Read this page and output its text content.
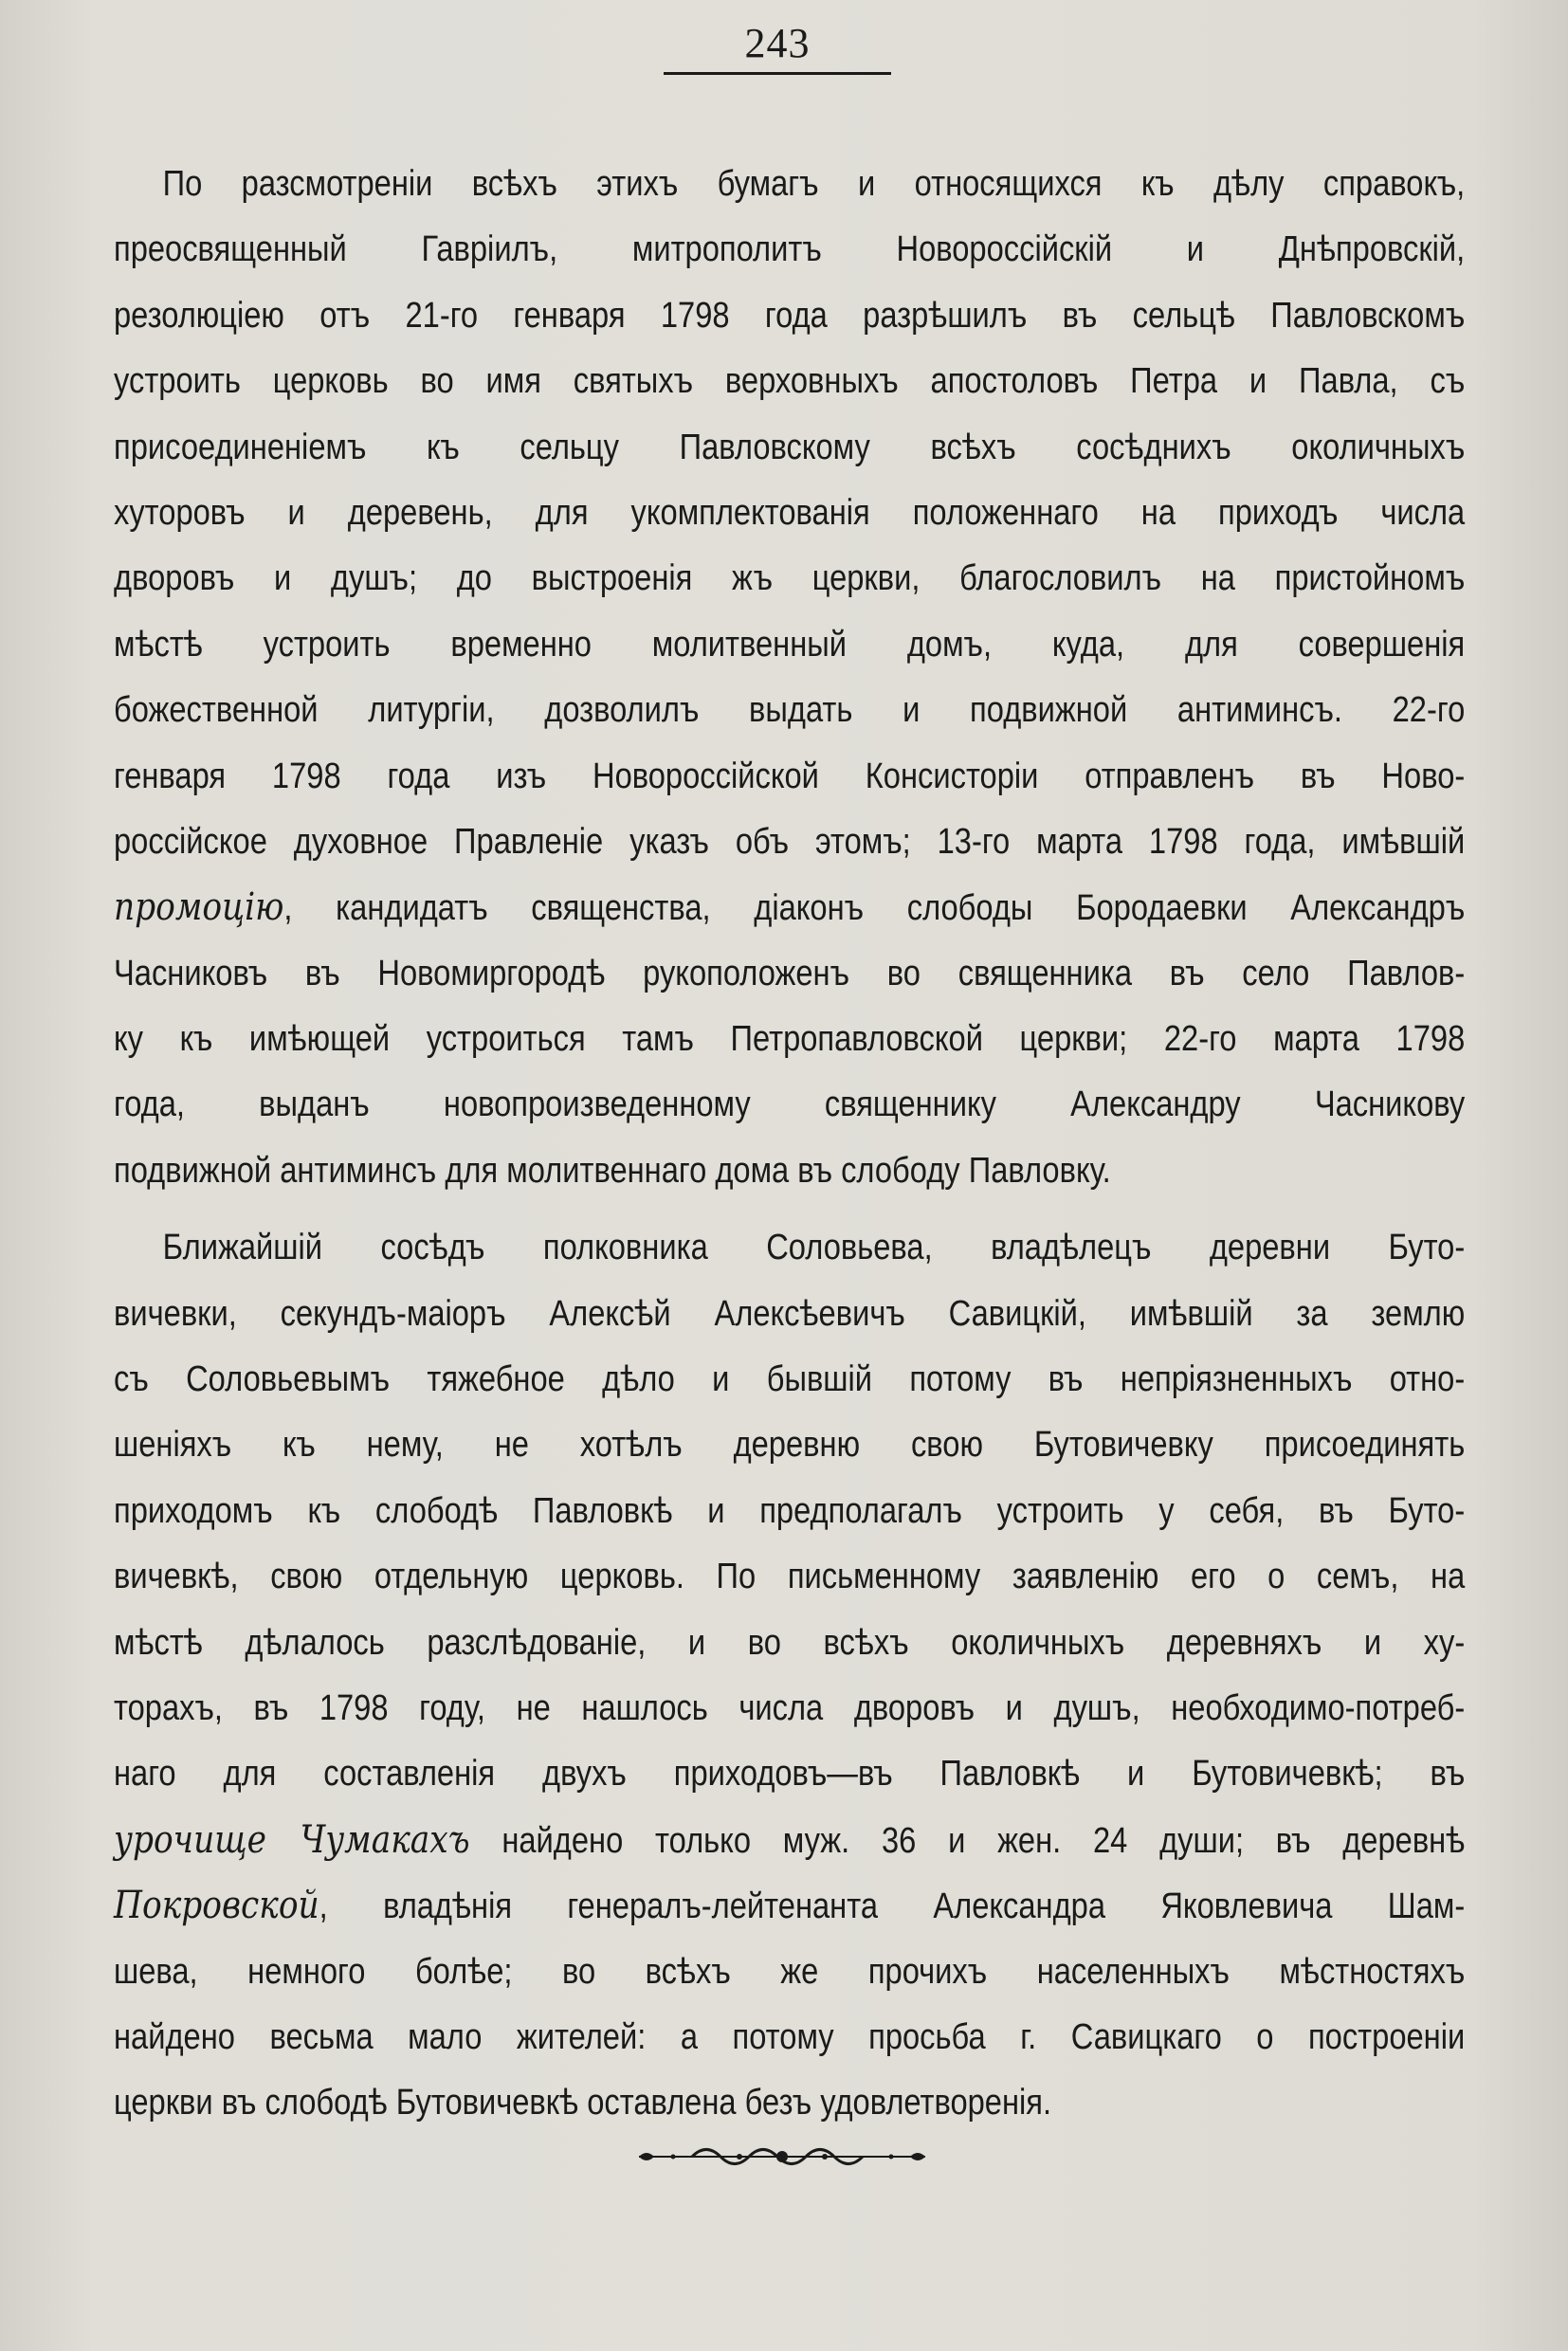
243
По разсмотреніи всѣхъ этихъ бумагъ и относящихся къ дѣлу справокъ,
преосвященный Гавріилъ, митрополитъ Новороссійскій и Днѣпровскій,
резолюціею отъ 21-го генваря 1798 года разрѣшилъ въ сельцѣ Павловскомъ
устроить церковь во имя святыхъ верховныхъ апостоловъ Петра и Павла, съ
присоединеніемъ къ сельцу Павловскому всѣхъ сосѣднихъ околичныхъ
хуторовъ и деревень, для укомплектованія положеннаго на приходъ числа
дворовъ и душъ; до выстроенія жъ церкви, благословилъ на пристойномъ
мѣстѣ устроить временно молитвенный домъ, куда, для совершенія
божественной литургіи, дозволилъ выдать и подвижной антиминсъ. 22-го
генваря 1798 года изъ Новороссійской Консисторіи отправленъ въ Ново-
россійское духовное Правленіе указъ объ этомъ; 13-го марта 1798 года, имѣвшій
промоцію, кандидатъ священства, діаконъ слободы Бородаевки Александръ
Часниковъ въ Новомиргородѣ рукоположенъ во священника въ село Павлов-
ку къ имѣющей устроиться тамъ Петропавловской церкви; 22-го марта 1798
года, выданъ новопроизведенному священнику Александру Часникову
подвижной антиминсъ для молитвеннаго дома въ слободу Павловку.
Ближайшій сосѣдъ полковника Соловьева, владѣлецъ деревни Буто-
вичевки, секундъ-маіоръ Алексѣй Алексѣевичъ Савицкій, имѣвшій за землю
съ Соловьевымъ тяжебное дѣло и бывшій потому въ непріязненныхъ отно-
шеніяхъ къ нему, не хотѣлъ деревню свою Бутовичевку присоединять
приходомъ къ слободѣ Павловкѣ и предполагалъ устроить у себя, въ Буто-
вичевкѣ, свою отдельную церковь. По письменному заявленію его о семъ, на
мѣстѣ дѣлалось разслѣдованіе, и во всѣхъ околичныхъ деревняхъ и ху-
торахъ, въ 1798 году, не нашлось числа дворовъ и душъ, необходимо-потреб-
наго для составленія двухъ приходовъ—въ Павловкѣ и Бутовичевкѣ; въ
урочище Чумакахъ найдено только муж. 36 и жен. 24 души; въ деревнѣ
Покровской, владѣнія генералъ-лейтенанта Александра Яковлевича Шам-
шева, немного болѣе; во всѣхъ же прочихъ населенныхъ мѣстностяхъ
найдено весьма мало жителей: а потому просьба г. Савицкаго о построеніи
церкви въ слободѣ Бутовичевкѣ оставлена безъ удовлетворенія.
